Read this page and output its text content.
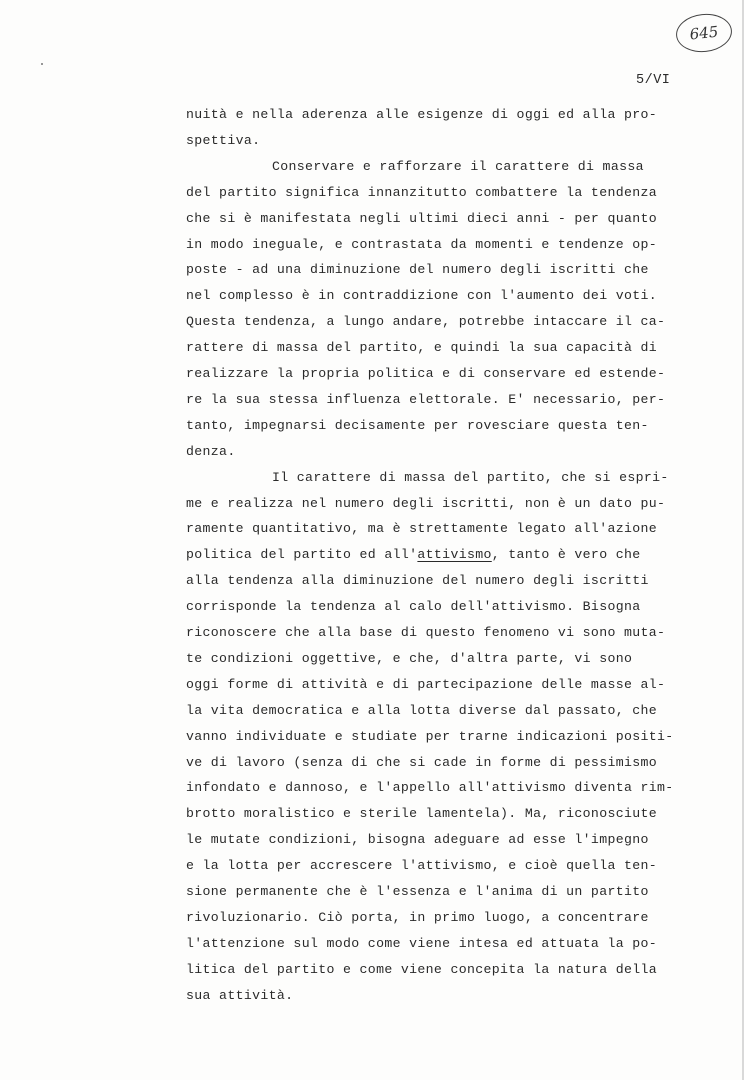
645
5/VI
nuità e nella aderenza alle esigenze di oggi ed alla pro-
spettiva.
Conservare e rafforzare il carattere di massa
del partito significa innanzitutto combattere la tendenza
che si è manifestata negli ultimi dieci anni - per quanto
in modo ineguale, e contrastata da momenti e tendenze op-
poste - ad una diminuzione del numero degli iscritti che
nel complesso è in contraddizione con l'aumento dei voti.
Questa tendenza, a lungo andare, potrebbe intaccare il ca-
rattere di massa del partito, e quindi la sua capacità di
realizzare la propria politica e di conservare ed estende-
re la sua stessa influenza elettorale. E' necessario, per-
tanto, impegnarsi decisamente per rovesciare questa ten-
denza.
Il carattere di massa del partito, che si espri-
me e realizza nel numero degli iscritti, non è un dato pu-
ramente quantitativo, ma è strettamente legato all'azione
politica del partito ed all'attivismo, tanto è vero che
alla tendenza alla diminuzione del numero degli iscritti
corrisponde la tendenza al calo dell'attivismo. Bisogna
riconoscere che alla base di questo fenomeno vi sono muta-
te condizioni oggettive, e che, d'altra parte, vi sono
oggi forme di attività e di partecipazione delle masse al-
la vita democratica e alla lotta diverse dal passato, che
vanno individuate e studiate per trarne indicazioni positi-
ve di lavoro (senza di che si cade in forme di pessimismo
infondato e dannoso, e l'appello all'attivismo diventa rim-
brotto moralistico e sterile lamentela). Ma, riconosciute
le mutate condizioni, bisogna adeguare ad esse l'impegno
e la lotta per accrescere l'attivismo, e cioè quella ten-
sione permanente che è l'essenza e l'anima di un partito
rivoluzionario. Ciò porta, in primo luogo, a concentrare
l'attenzione sul modo come viene intesa ed attuata la po-
litica del partito e come viene concepita la natura della
sua attività.
